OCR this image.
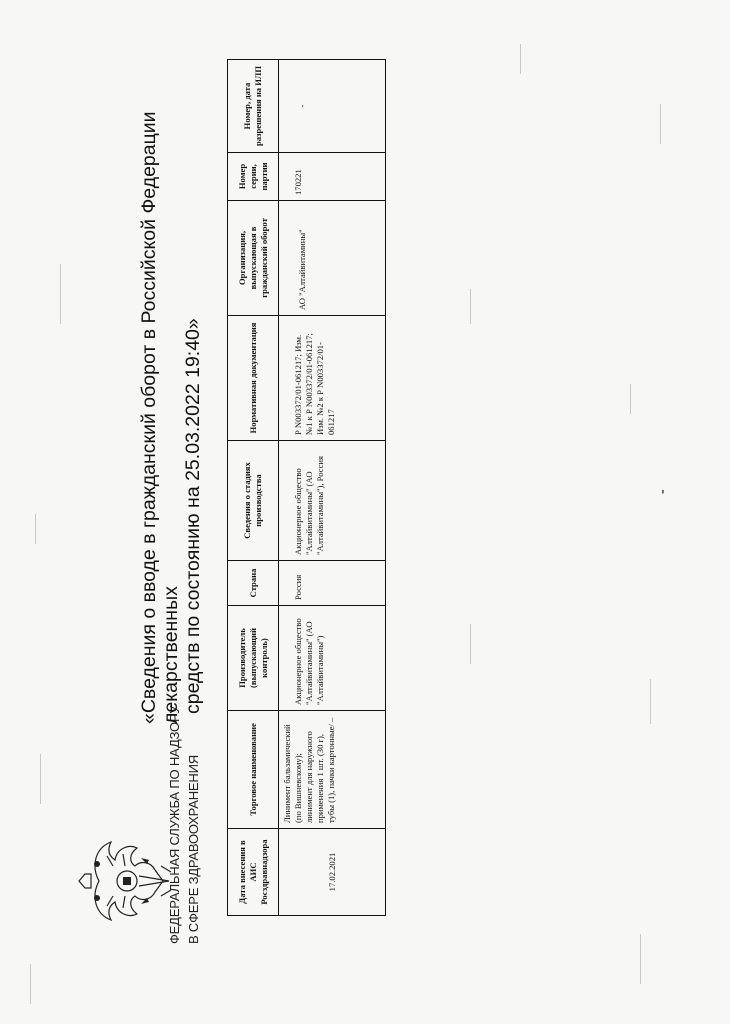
ФЕДЕРАЛЬНАЯ СЛУЖБА ПО НАДЗОРУ В СФЕРЕ ЗДРАВООХРАНЕНИЯ
«Сведения о вводе в гражданский оборот в Российской Федерации лекарственных средств по состоянию на 25.03.2022 19:40»
Дата внесения в АИС Росздравнадзора	Торговое наименование	Производитель (выпускающий контроль)	Страна	Сведения о стадиях производства	Нормативная документация	Организация, выпускающая в гражданский оборот	Номер серии, партии	Номер, дата разрешения на ИЛП
17.02.2021	Линимент бальзамический (по Вишневскому); линимент для наружного применения 1 шт. (30 г), тубы (1), пачки картонные/ –	Акционерное общество "Алтайвитамины" (АО "Алтайвитамины")	Россия	Акционерное общество "Алтайвитамины" (АО "Алтайвитамины"), Россия	Р N003372/01-061217; Изм. №1 к Р N003372/01-061217; Изм. №2 к Р N003372/01-061217	АО "Алтайвитамины"	170221	-
-
